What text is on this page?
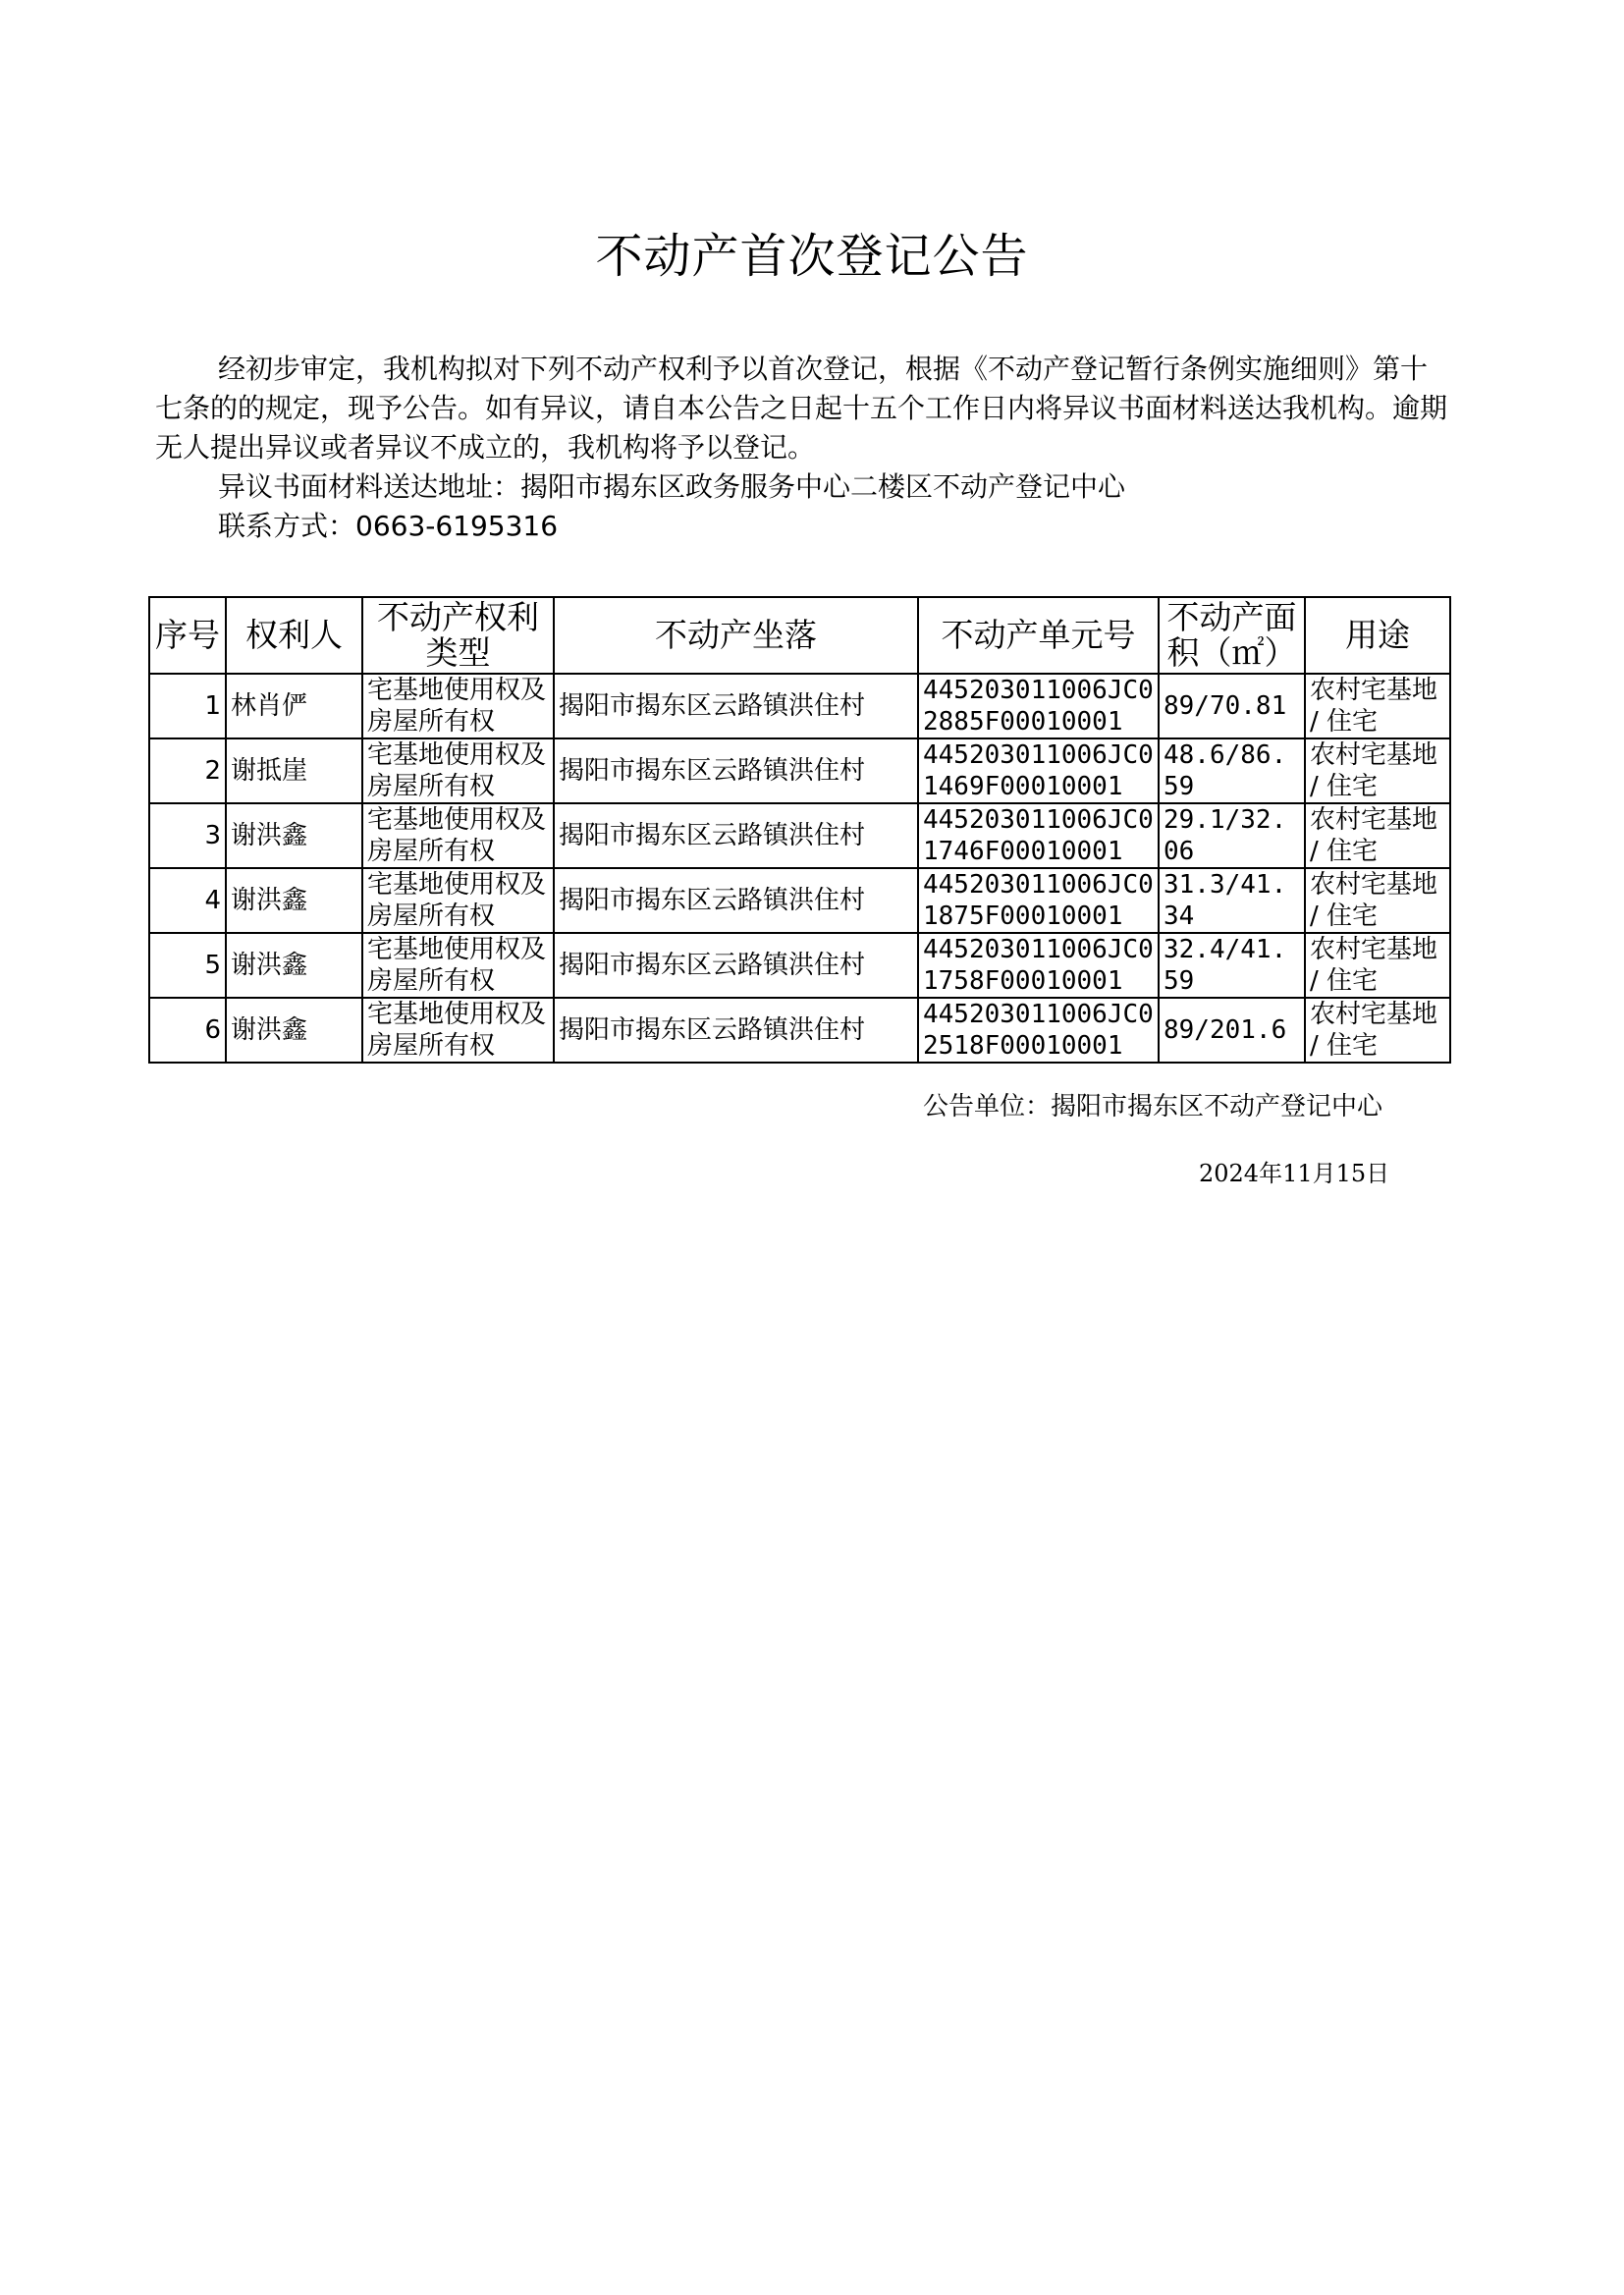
不动产首次登记公告

经初步审定，我机构拟对下列不动产权利予以首次登记，根据《不动产登记暂行条例实施细则》第十七条的的规定，现予公告。如有异议，请自本公告之日起十五个工作日内将异议书面材料送达我机构。逾期无人提出异议或者异议不成立的，我机构将予以登记。

异议书面材料送达地址：揭阳市揭东区政务服务中心二楼区不动产登记中心
联系方式：0663-6195316
序号	权利人	不动产权利类型	不动产坐落	不动产单元号	不动产面积（㎡）	用途
1	林肖俨	宅基地使用权及房屋所有权	揭阳市揭东区云路镇洪住村	445203011006JC02885F00010001	89/70.81	农村宅基地 / 住宅
2	谢抵崖	宅基地使用权及房屋所有权	揭阳市揭东区云路镇洪住村	445203011006JC01469F00010001	48.6/86.59	农村宅基地 / 住宅
3	谢洪鑫	宅基地使用权及房屋所有权	揭阳市揭东区云路镇洪住村	445203011006JC01746F00010001	29.1/32.06	农村宅基地 / 住宅
4	谢洪鑫	宅基地使用权及房屋所有权	揭阳市揭东区云路镇洪住村	445203011006JC01875F00010001	31.3/41.34	农村宅基地 / 住宅
5	谢洪鑫	宅基地使用权及房屋所有权	揭阳市揭东区云路镇洪住村	445203011006JC01758F00010001	32.4/41.59	农村宅基地 / 住宅
6	谢洪鑫	宅基地使用权及房屋所有权	揭阳市揭东区云路镇洪住村	445203011006JC02518F00010001	89/201.6	农村宅基地 / 住宅
公告单位：揭阳市揭东区不动产登记中心
2024年11月15日
